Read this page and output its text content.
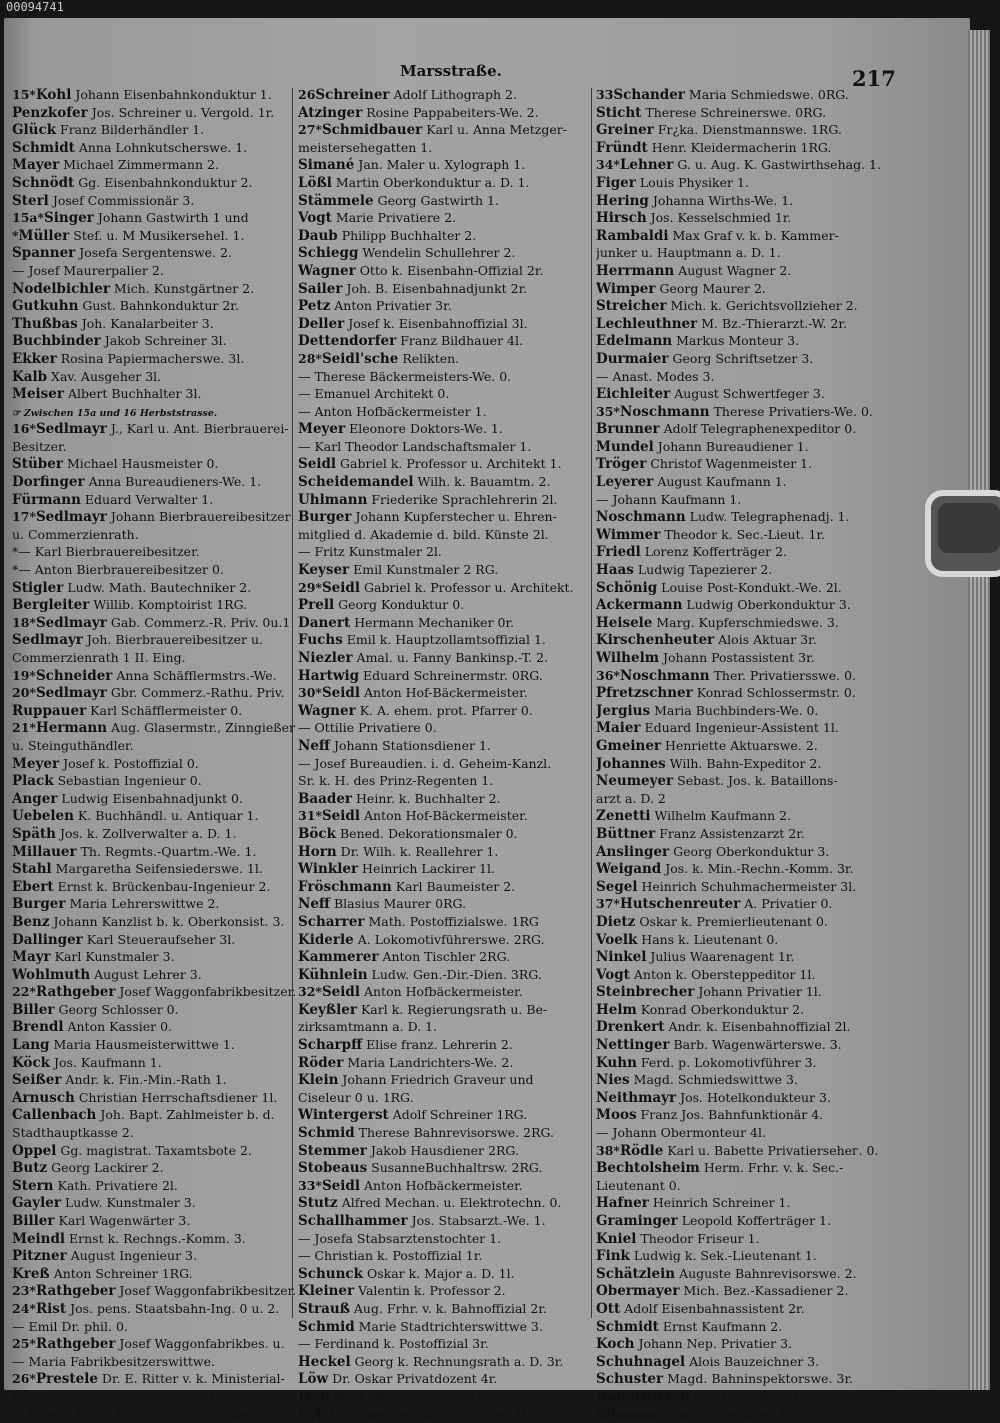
00094741
Marsstraße.	217
15*Kohl Johann Eisenbahnkonduktur 1.
Penzkofer Jos. Schreiner u. Vergold. 1r.
Glück Franz Bilderhändler 1.
Schmidt Anna Lohnkutscherswe. 1.
Mayer Michael Zimmermann 2.
Schnödt Gg. Eisenbahnkonduktur 2.
Sterl Josef Commissionär 3.
15a*Singer Johann Gastwirth 1 und
*Müller Stef. u. M Musikersehel. 1.
Spanner Josefa Sergentenswe. 2.
— Josef Maurerpalier 2.
Nodelbichler Mich. Kunstgärtner 2.
Gutkuhn Gust. Bahnkonduktur 2r.
Thußbas Joh. Kanalarbeiter 3.
Buchbinder Jakob Schreiner 3l.
Ekker Rosina Papiermacherswe. 3l.
Kalb Xav. Ausgeher 3l.
Meiser Albert Buchhalter 3l.
☞ Zwischen 15a und 16 Herbststrasse.
16*Sedlmayr J., Karl u. Ant. Bierbrauerei-
Besitzer.
Stüber Michael Hausmeister 0.
Dorfinger Anna Bureaudieners-We. 1.
Fürmann Eduard Verwalter 1.
17*Sedlmayr Johann Bierbrauereibesitzer
u. Commerzienrath.
*— Karl Bierbrauereibesitzer.
*— Anton Bierbrauereibesitzer 0.
Stigler Ludw. Math. Bautechniker 2.
Bergleiter Willib. Komptoirist 1RG.
18*Sedlmayr Gab. Commerz.-R. Priv. 0u.1
Sedlmayr Joh. Bierbrauereibesitzer u.
Commerzienrath 1 II. Eing.
19*Schneider Anna Schäfflermstrs.-We.
20*Sedlmayr Gbr. Commerz.-Rathu. Priv.
Ruppauer Karl Schäfflermeister 0.
21*Hermann Aug. Glasermstr., Zinngießer
u. Steinguthändler.
Meyer Josef k. Postoffizial 0.
Plack Sebastian Ingenieur 0.
Anger Ludwig Eisenbahnadjunkt 0.
Uebelen K. Buchhändl. u. Antiquar 1.
Späth Jos. k. Zollverwalter a. D. 1.
Millauer Th. Regmts.-Quartm.-We. 1.
Stahl Margaretha Seifensiederswe. 1l.
Ebert Ernst k. Brückenbau-Ingenieur 2.
Burger Maria Lehrerswittwe 2.
Benz Johann Kanzlist b. k. Oberkonsist. 3.
Dallinger Karl Steueraufseher 3l.
Mayr Karl Kunstmaler 3.
Wohlmuth August Lehrer 3.
22*Rathgeber Josef Waggonfabrikbesitzer.
Biller Georg Schlosser 0.
Brendl Anton Kassier 0.
Lang Maria Hausmeisterwittwe 1.
Köck Jos. Kaufmann 1.
Seißer Andr. k. Fin.-Min.-Rath 1.
Arnusch Christian Herrschaftsdiener 1l.
Callenbach Joh. Bapt. Zahlmeister b. d.
Stadthauptkasse 2.
Oppel Gg. magistrat. Taxamtsbote 2.
Butz Georg Lackirer 2.
Stern Kath. Privatiere 2l.
Gayler Ludw. Kunstmaler 3.
Biller Karl Wagenwärter 3.
Meindl Ernst k. Rechngs.-Komm. 3.
Pitzner August Ingenieur 3.
Kreß Anton Schreiner 1RG.
23*Rathgeber Josef Waggonfabrikbesitzer.
24*Rist Jos. pens. Staatsbahn-Ing. 0 u. 2.
— Emil Dr. phil. 0.
25*Rathgeber Josef Waggonfabrikbes. u.
— Maria Fabrikbesitzerswittwe.
26*Prestele Dr. E. Ritter v. k. Ministerial-
Rath u. General-Sekretär a. D. 1.
— Friedr. Maria Lehr. a. d. k. Musikschl. 0.
26Schreiner Adolf Lithograph 2.
Atzinger Rosine Pappabeiters-We. 2.
27*Schmidbauer Karl u. Anna Metzger-
meistersehegatten 1.
Simané Jan. Maler u. Xylograph 1.
Lößl Martin Oberkonduktur a. D. 1.
Stämmele Georg Gastwirth 1.
Vogt Marie Privatiere 2.
Daub Philipp Buchhalter 2.
Schiegg Wendelin Schullehrer 2.
Wagner Otto k. Eisenbahn-Offizial 2r.
Sailer Joh. B. Eisenbahnadjunkt 2r.
Petz Anton Privatier 3r.
Deller Josef k. Eisenbahnoffizial 3l.
Dettendorfer Franz Bildhauer 4l.
28*Seidl'sche Relikten.
— Therese Bäckermeisters-We. 0.
— Emanuel Architekt 0.
— Anton Hofbäckermeister 1.
Meyer Eleonore Doktors-We. 1.
— Karl Theodor Landschaftsmaler 1.
Seidl Gabriel k. Professor u. Architekt 1.
Scheidemandel Wilh. k. Bauamtm. 2.
Uhlmann Friederike Sprachlehrerin 2l.
Burger Johann Kupferstecher u. Ehren-
mitglied d. Akademie d. bild. Künste 2l.
— Fritz Kunstmaler 2l.
Keyser Emil Kunstmaler 2 RG.
29*Seidl Gabriel k. Professor u. Architekt.
Prell Georg Konduktur 0.
Danert Hermann Mechaniker 0r.
Fuchs Emil k. Hauptzollamtsoffizial 1.
Niezler Amal. u. Fanny Bankinsp.-T. 2.
Hartwig Eduard Schreinermstr. 0RG.
30*Seidl Anton Hof-Bäckermeister.
Wagner K. A. ehem. prot. Pfarrer 0.
— Ottilie Privatiere 0.
Neff Johann Stationsdiener 1.
— Josef Bureaudien. i. d. Geheim-Kanzl.
Sr. k. H. des Prinz-Regenten 1.
Baader Heinr. k. Buchhalter 2.
31*Seidl Anton Hof-Bäckermeister.
Böck Bened. Dekorationsmaler 0.
Horn Dr. Wilh. k. Reallehrer 1.
Winkler Heinrich Lackirer 1l.
Fröschmann Karl Baumeister 2.
Neff Blasius Maurer 0RG.
Scharrer Math. Postoffizialswe. 1RG
Kiderle A. Lokomotivführerswe. 2RG.
Kammerer Anton Tischler 2RG.
Kühnlein Ludw. Gen.-Dir.-Dien. 3RG.
32*Seidl Anton Hofbäckermeister.
Keyßler Karl k. Regierungsrath u. Be-
zirksamtmann a. D. 1.
Scharpff Elise franz. Lehrerin 2.
Röder Maria Landrichters-We. 2.
Klein Johann Friedrich Graveur und
Ciseleur 0 u. 1RG.
Wintergerst Adolf Schreiner 1RG.
Schmid Therese Bahnrevisorswe. 2RG.
Stemmer Jakob Hausdiener 2RG.
Stobeaus SusanneBuchhaltrsw. 2RG.
33*Seidl Anton Hofbäckermeister.
Stutz Alfred Mechan. u. Elektrotechn. 0.
Schallhammer Jos. Stabsarzt.-We. 1.
— Josefa Stabsarztenstochter 1.
— Christian k. Postoffizial 1r.
Schunck Oskar k. Major a. D. 1l.
Kleiner Valentin k. Professor 2.
Strauß Aug. Frhr. v. k. Bahnoffizial 2r.
Schmid Marie Stadtrichterswittwe 3.
— Ferdinand k. Postoffizial 3r.
Heckel Georg k. Rechnungsrath a. D. 3r.
Löw Dr. Oskar Privatdozent 4r.
Hoh Balth. Bahnassistent 4l.
Eyb Karoline von Majors-Tochter 4l.
33Schander Maria Schmiedswe. 0RG.
Sticht Therese Schreinerswe. 0RG.
Greiner Fr¿ka. Dienstmannswe. 1RG.
Fründt Henr. Kleidermacherin 1RG.
34*Lehner G. u. Aug. K. Gastwirthsehag. 1.
Figer Louis Physiker 1.
Hering Johanna Wirths-We. 1.
Hirsch Jos. Kesselschmied 1r.
Rambaldi Max Graf v. k. b. Kammer-
junker u. Hauptmann a. D. 1.
Herrmann August Wagner 2.
Wimper Georg Maurer 2.
Streicher Mich. k. Gerichtsvollzieher 2.
Lechleuthner M. Bz.-Thierarzt.-W. 2r.
Edelmann Markus Monteur 3.
Durmaier Georg Schriftsetzer 3.
— Anast. Modes 3.
Eichleiter August Schwertfeger 3.
35*Noschmann Therese Privatiers-We. 0.
Brunner Adolf Telegraphenexpeditor 0.
Mundel Johann Bureaudiener 1.
Tröger Christof Wagenmeister 1.
Leyerer August Kaufmann 1.
— Johann Kaufmann 1.
Noschmann Ludw. Telegraphenadj. 1.
Wimmer Theodor k. Sec.-Lieut. 1r.
Friedl Lorenz Kofferträger 2.
Haas Ludwig Tapezierer 2.
Schönig Louise Post-Kondukt.-We. 2l.
Ackermann Ludwig Oberkonduktur 3.
Heisele Marg. Kupferschmiedswe. 3.
Kirschenheuter Alois Aktuar 3r.
Wilhelm Johann Postassistent 3r.
36*Noschmann Ther. Privatiersswe. 0.
Pfretzschner Konrad Schlossermstr. 0.
Jergius Maria Buchbinders-We. 0.
Maier Eduard Ingenieur-Assistent 1l.
Gmeiner Henriette Aktuarswe. 2.
Johannes Wilh. Bahn-Expeditor 2.
Neumeyer Sebast. Jos. k. Bataillons-
arzt a. D. 2
Zenetti Wilhelm Kaufmann 2.
Büttner Franz Assistenzarzt 2r.
Anslinger Georg Oberkonduktur 3.
Weigand Jos. k. Min.-Rechn.-Komm. 3r.
Segel Heinrich Schuhmachermeister 3l.
37*Hutschenreuter A. Privatier 0.
Dietz Oskar k. Premierlieutenant 0.
Voelk Hans k. Lieutenant 0.
Ninkel Julius Waarenagent 1r.
Vogt Anton k. Obersteppeditor 1l.
Steinbrecher Johann Privatier 1l.
Helm Konrad Oberkonduktur 2.
Drenkert Andr. k. Eisenbahnoffizial 2l.
Nettinger Barb. Wagenwärterswe. 3.
Kuhn Ferd. p. Lokomotivführer 3.
Nies Magd. Schmiedswittwe 3.
Neithmayr Jos. Hotelkondukteur 3.
Moos Franz Jos. Bahnfunktionär 4.
— Johann Obermonteur 4l.
38*Rödle Karl u. Babette Privatiersehег. 0.
Bechtolsheim Herm. Frhr. v. k. Sec.-
Lieutenant 0.
Hafner Heinrich Schreiner 1.
Graminger Leopold Kofferträger 1.
Kniel Theodor Friseur 1.
Fink Ludwig k. Sek.-Lieutenant 1.
Schätzlein Auguste Bahnrevisorswe. 2.
Obermayer Mich. Bez.-Kassadiener 2.
Ott Adolf Eisenbahnassistent 2r.
Schmidt Ernst Kaufmann 2.
Koch Johann Nep. Privatier 3.
Schuhnagel Alois Bauzeichner 3.
Schuster Magd. Bahninspektorswe. 3r.
Bauernfeind Josef Schäffler 4.
Wiesner Johann Glasmaler 4.
